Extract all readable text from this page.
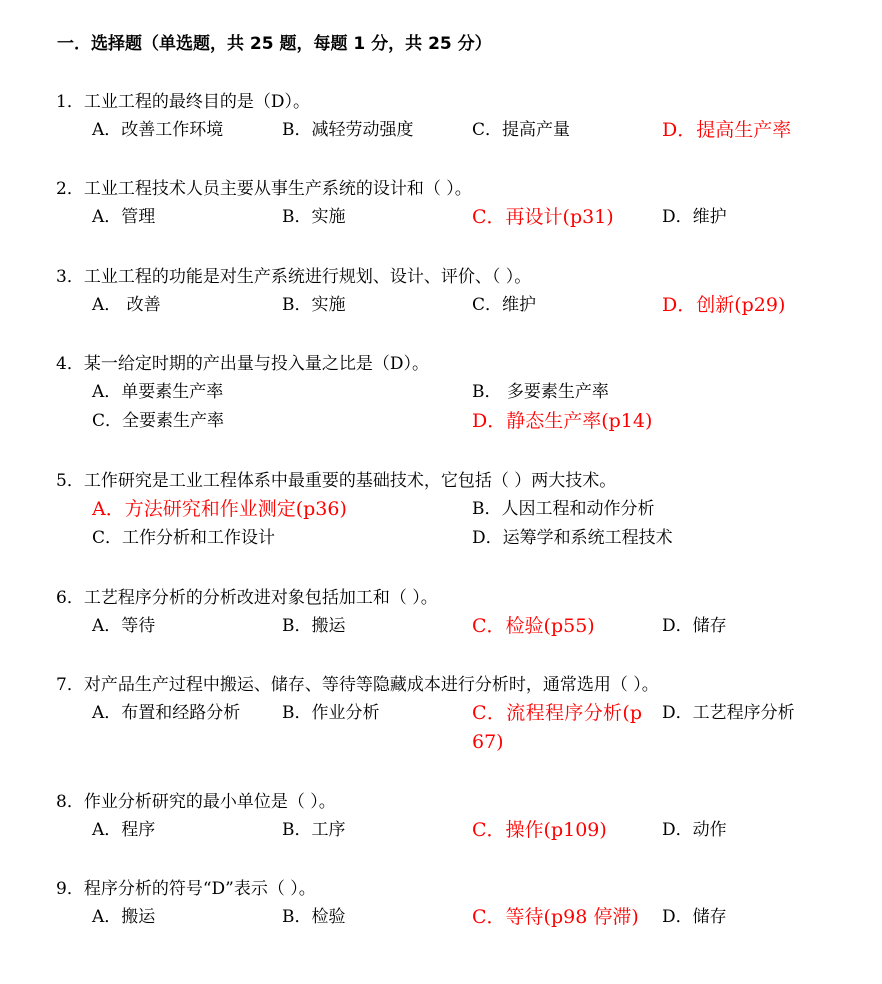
一．选择题（单选题，共 25 题，每题 1 分，共 25 分）
1．工业工程的最终目的是（D）。
A．改善工作环境	B．减轻劳动强度	C．提高产量	D．提高生产率
2．工业工程技术人员主要从事生产系统的设计和（ ）。
A．管理	B．实施	C．再设计(p31)	D．维护
3．工业工程的功能是对生产系统进行规划、设计、评价、（ ）。
A． 改善	B．实施	C．维护	D．创新(p29)
4．某一给定时期的产出量与投入量之比是（D）。
A．单要素生产率	B． 多要素生产率
C．全要素生产率	D．静态生产率(p14)
5．工作研究是工业工程体系中最重要的基础技术，它包括（ ）两大技术。
A．方法研究和作业测定(p36)	B．人因工程和动作分析
C．工作分析和工作设计	D．运筹学和系统工程技术
6．工艺程序分析的分析改进对象包括加工和（ ）。
A．等待	B．搬运	C．检验(p55)	D．储存
7．对产品生产过程中搬运、储存、等待等隐藏成本进行分析时，通常选用（ ）。
A．布置和经路分析	B．作业分析	C．流程程序分析(p67)
D．工艺程序分析
8．作业分析研究的最小单位是（ ）。
A．程序	B．工序	C．操作(p109)	D．动作
9．程序分析的符号“D”表示（ ）。
A．搬运	B．检验	C．等待(p98 停滞) D．储存
